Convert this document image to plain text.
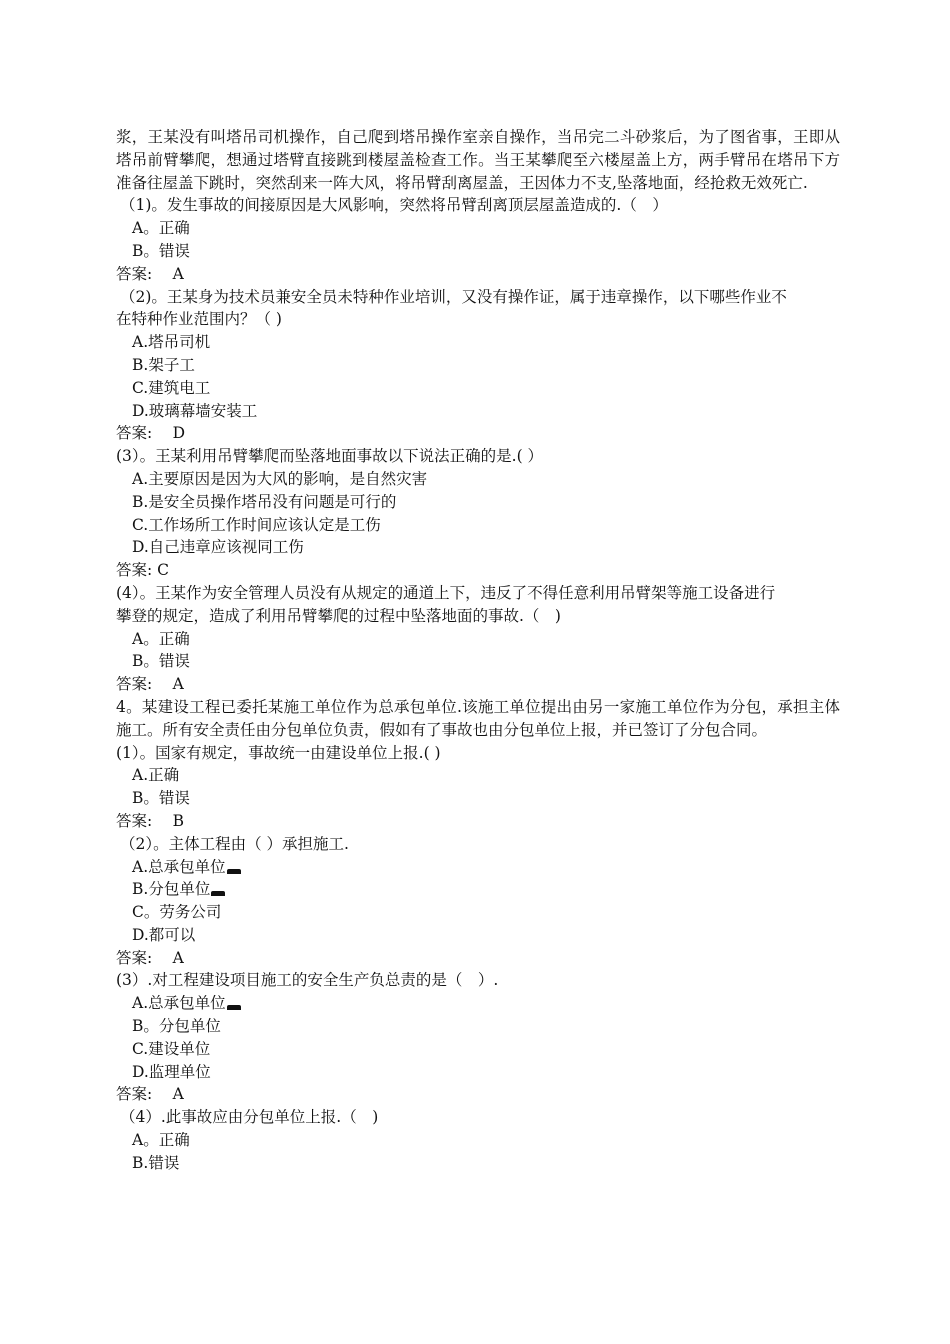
浆，王某没有叫塔吊司机操作，自己爬到塔吊操作室亲自操作，当吊完二斗砂浆后，为了图省事，王即从塔吊前臂攀爬，想通过塔臂直接跳到楼屋盖检查工作。当王某攀爬至六楼屋盖上方，两手臂吊在塔吊下方准备往屋盖下跳时，突然刮来一阵大风，将吊臂刮离屋盖，王因体力不支,坠落地面，经抢救无效死亡.

（1)。发生事故的间接原因是大风影响，突然将吊臂刮离顶层屋盖造成的.（　）
A。正确
B。错误
答案:　 A
（2)。王某身为技术员兼安全员未特种作业培训，又没有操作证，属于违章操作，以下哪些作业不
在特种作业范围内？（ )
A.塔吊司机
B.架子工
C.建筑电工
D.玻璃幕墙安装工
答案:　 D
(3）。王某利用吊臂攀爬而坠落地面事故以下说法正确的是.( ）
A.主要原因是因为大风的影响，是自然灾害
B.是安全员操作塔吊没有问题是可行的
C.工作场所工作时间应该认定是工伤
D.自己违章应该视同工伤
答案: C
(4）。王某作为安全管理人员没有从规定的通道上下，违反了不得任意利用吊臂架等施工设备进行
攀登的规定，造成了利用吊臂攀爬的过程中坠落地面的事故.（　)
A。正确
B。错误
答案:　 A

4。某建设工程已委托某施工单位作为总承包单位.该施工单位提出由另一家施工单位作为分包，承担主体施工。所有安全责任由分包单位负责，假如有了事故也由分包单位上报，并已签订了分包合同。

(1）。国家有规定，事故统一由建设单位上报.( )
A.正确
B。错误
答案:　 B
（2）。主体工程由（ ）承担施工.
A.总承包单位
B.分包单位
C。劳务公司
D.都可以
答案:　 A
(3）.对工程建设项目施工的安全生产负总责的是（　）.
A.总承包单位
B。分包单位
C.建设单位
D.监理单位
答案:　 A
（4）.此事故应由分包单位上报.（　)
A。正确
B.错误
